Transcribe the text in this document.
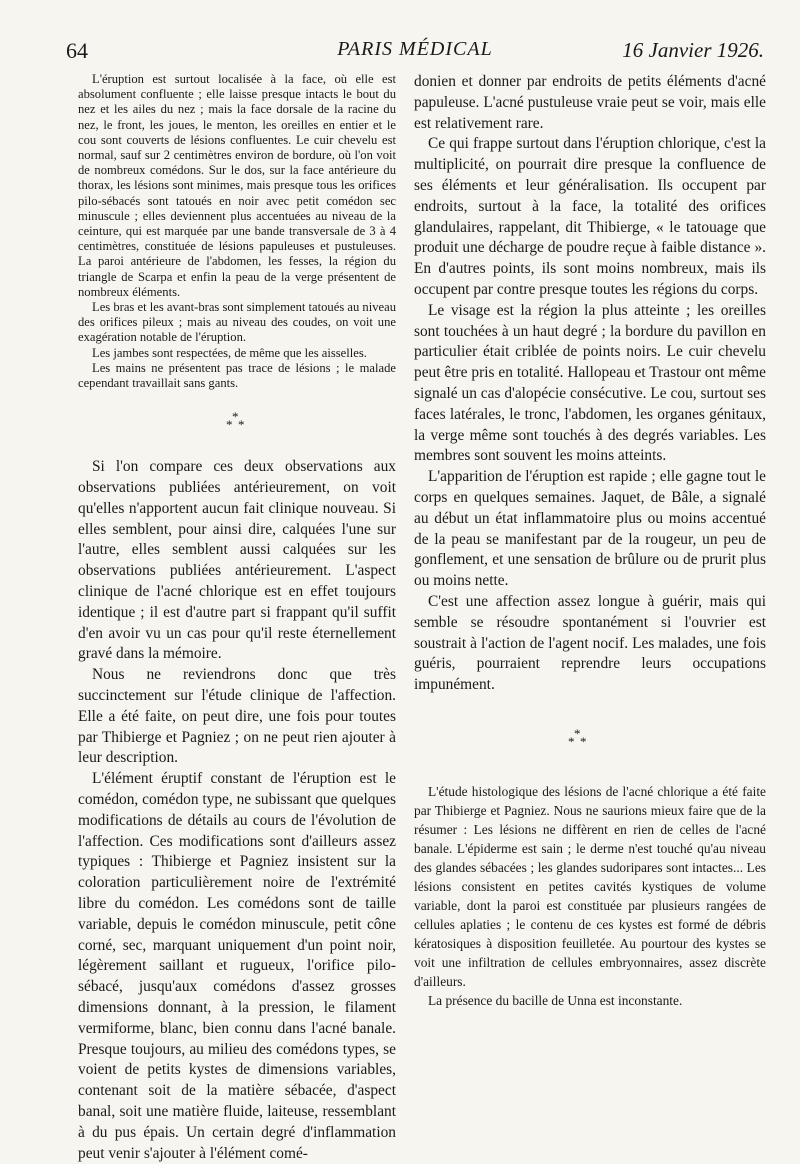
64	PARIS MÉDICAL	16 Janvier 1926.

L'éruption est surtout localisée à la face, où elle est absolument confluente ; elle laisse presque intacts le bout du nez et les ailes du nez ; mais la face dorsale de la racine du nez, le front, les joues, le menton, les oreilles en entier et le cou sont couverts de lésions confluentes. Le cuir chevelu est normal, sauf sur 2 centimètres environ de bordure, où l'on voit de nombreux comédons. Sur le dos, sur la face antérieure du thorax, les lésions sont minimes, mais presque tous les orifices pilo-sébacés sont tatoués en noir avec petit comédon sec minuscule ; elles deviennent plus accentuées au niveau de la ceinture, qui est marquée par une bande transversale de 3 à 4 centimètres, constituée de lésions papuleuses et pustuleuses. La paroi antérieure de l'abdomen, les fesses, la région du triangle de Scarpa et enfin la peau de la verge présentent de nombreux éléments.

Les bras et les avant-bras sont simplement tatoués au niveau des orifices pileux ; mais au niveau des coudes, on voit une exagération notable de l'éruption.

Les jambes sont respectées, de même que les aisselles.

Les mains ne présentent pas trace de lésions ; le malade cependant travaillait sans gants.

*
* *

Si l'on compare ces deux observations aux observations publiées antérieurement, on voit qu'elles n'apportent aucun fait clinique nouveau. Si elles semblent, pour ainsi dire, calquées l'une sur l'autre, elles semblent aussi calquées sur les observations publiées antérieurement. L'aspect clinique de l'acné chlorique est en effet toujours identique ; il est d'autre part si frappant qu'il suffit d'en avoir vu un cas pour qu'il reste éternellement gravé dans la mémoire.

Nous ne reviendrons donc que très succinctement sur l'étude clinique de l'affection. Elle a été faite, on peut dire, une fois pour toutes par Thibierge et Pagniez ; on ne peut rien ajouter à leur description.

L'élément éruptif constant de l'éruption est le comédon, comédon type, ne subissant que quelques modifications de détails au cours de l'évolution de l'affection. Ces modifications sont d'ailleurs assez typiques : Thibierge et Pagniez insistent sur la coloration particulièrement noire de l'extrémité libre du comédon. Les comédons sont de taille variable, depuis le comédon minuscule, petit cône corné, sec, marquant uniquement d'un point noir, légèrement saillant et rugueux, l'orifice pilo-sébacé, jusqu'aux comédons d'assez grosses dimensions donnant, à la pression, le filament vermiforme, blanc, bien connu dans l'acné banale. Presque toujours, au milieu des comédons types, se voient de petits kystes de dimensions variables, contenant soit de la matière sébacée, d'aspect banal, soit une matière fluide, laiteuse, ressemblant à du pus épais. Un certain degré d'inflammation peut venir s'ajouter à l'élément comé-

donien et donner par endroits de petits éléments d'acné papuleuse. L'acné pustuleuse vraie peut se voir, mais elle est relativement rare.

Ce qui frappe surtout dans l'éruption chlorique, c'est la multiplicité, on pourrait dire presque la confluence de ses éléments et leur généralisation. Ils occupent par endroits, surtout à la face, la totalité des orifices glandulaires, rappelant, dit Thibierge, « le tatouage que produit une décharge de poudre reçue à faible distance ». En d'autres points, ils sont moins nombreux, mais ils occupent par contre presque toutes les régions du corps.

Le visage est la région la plus atteinte ; les oreilles sont touchées à un haut degré ; la bordure du pavillon en particulier était criblée de points noirs. Le cuir chevelu peut être pris en totalité. Hallopeau et Trastour ont même signalé un cas d'alopécie consécutive. Le cou, surtout ses faces latérales, le tronc, l'abdomen, les organes génitaux, la verge même sont touchés à des degrés variables. Les membres sont souvent les moins atteints.

L'apparition de l'éruption est rapide ; elle gagne tout le corps en quelques semaines. Jaquet, de Bâle, a signalé au début un état inflammatoire plus ou moins accentué de la peau se manifestant par de la rougeur, un peu de gonflement, et une sensation de brûlure ou de prurit plus ou moins nette.

C'est une affection assez longue à guérir, mais qui semble se résoudre spontanément si l'ouvrier est soustrait à l'action de l'agent nocif. Les malades, une fois guéris, pourraient reprendre leurs occupations impunément.

*
* *

L'étude histologique des lésions de l'acné chlorique a été faite par Thibierge et Pagniez. Nous ne saurions mieux faire que de la résumer : Les lésions ne diffèrent en rien de celles de l'acné banale. L'épiderme est sain ; le derme n'est touché qu'au niveau des glandes sébacées ; les glandes sudoripares sont intactes... Les lésions consistent en petites cavités kystiques de volume variable, dont la paroi est constituée par plusieurs rangées de cellules aplaties ; le contenu de ces kystes est formé de débris kératosiques à disposition feuilletée. Au pourtour des kystes se voit une infiltration de cellules embryonnaires, assez discrète d'ailleurs.

La présence du bacille de Unna est inconstante.
